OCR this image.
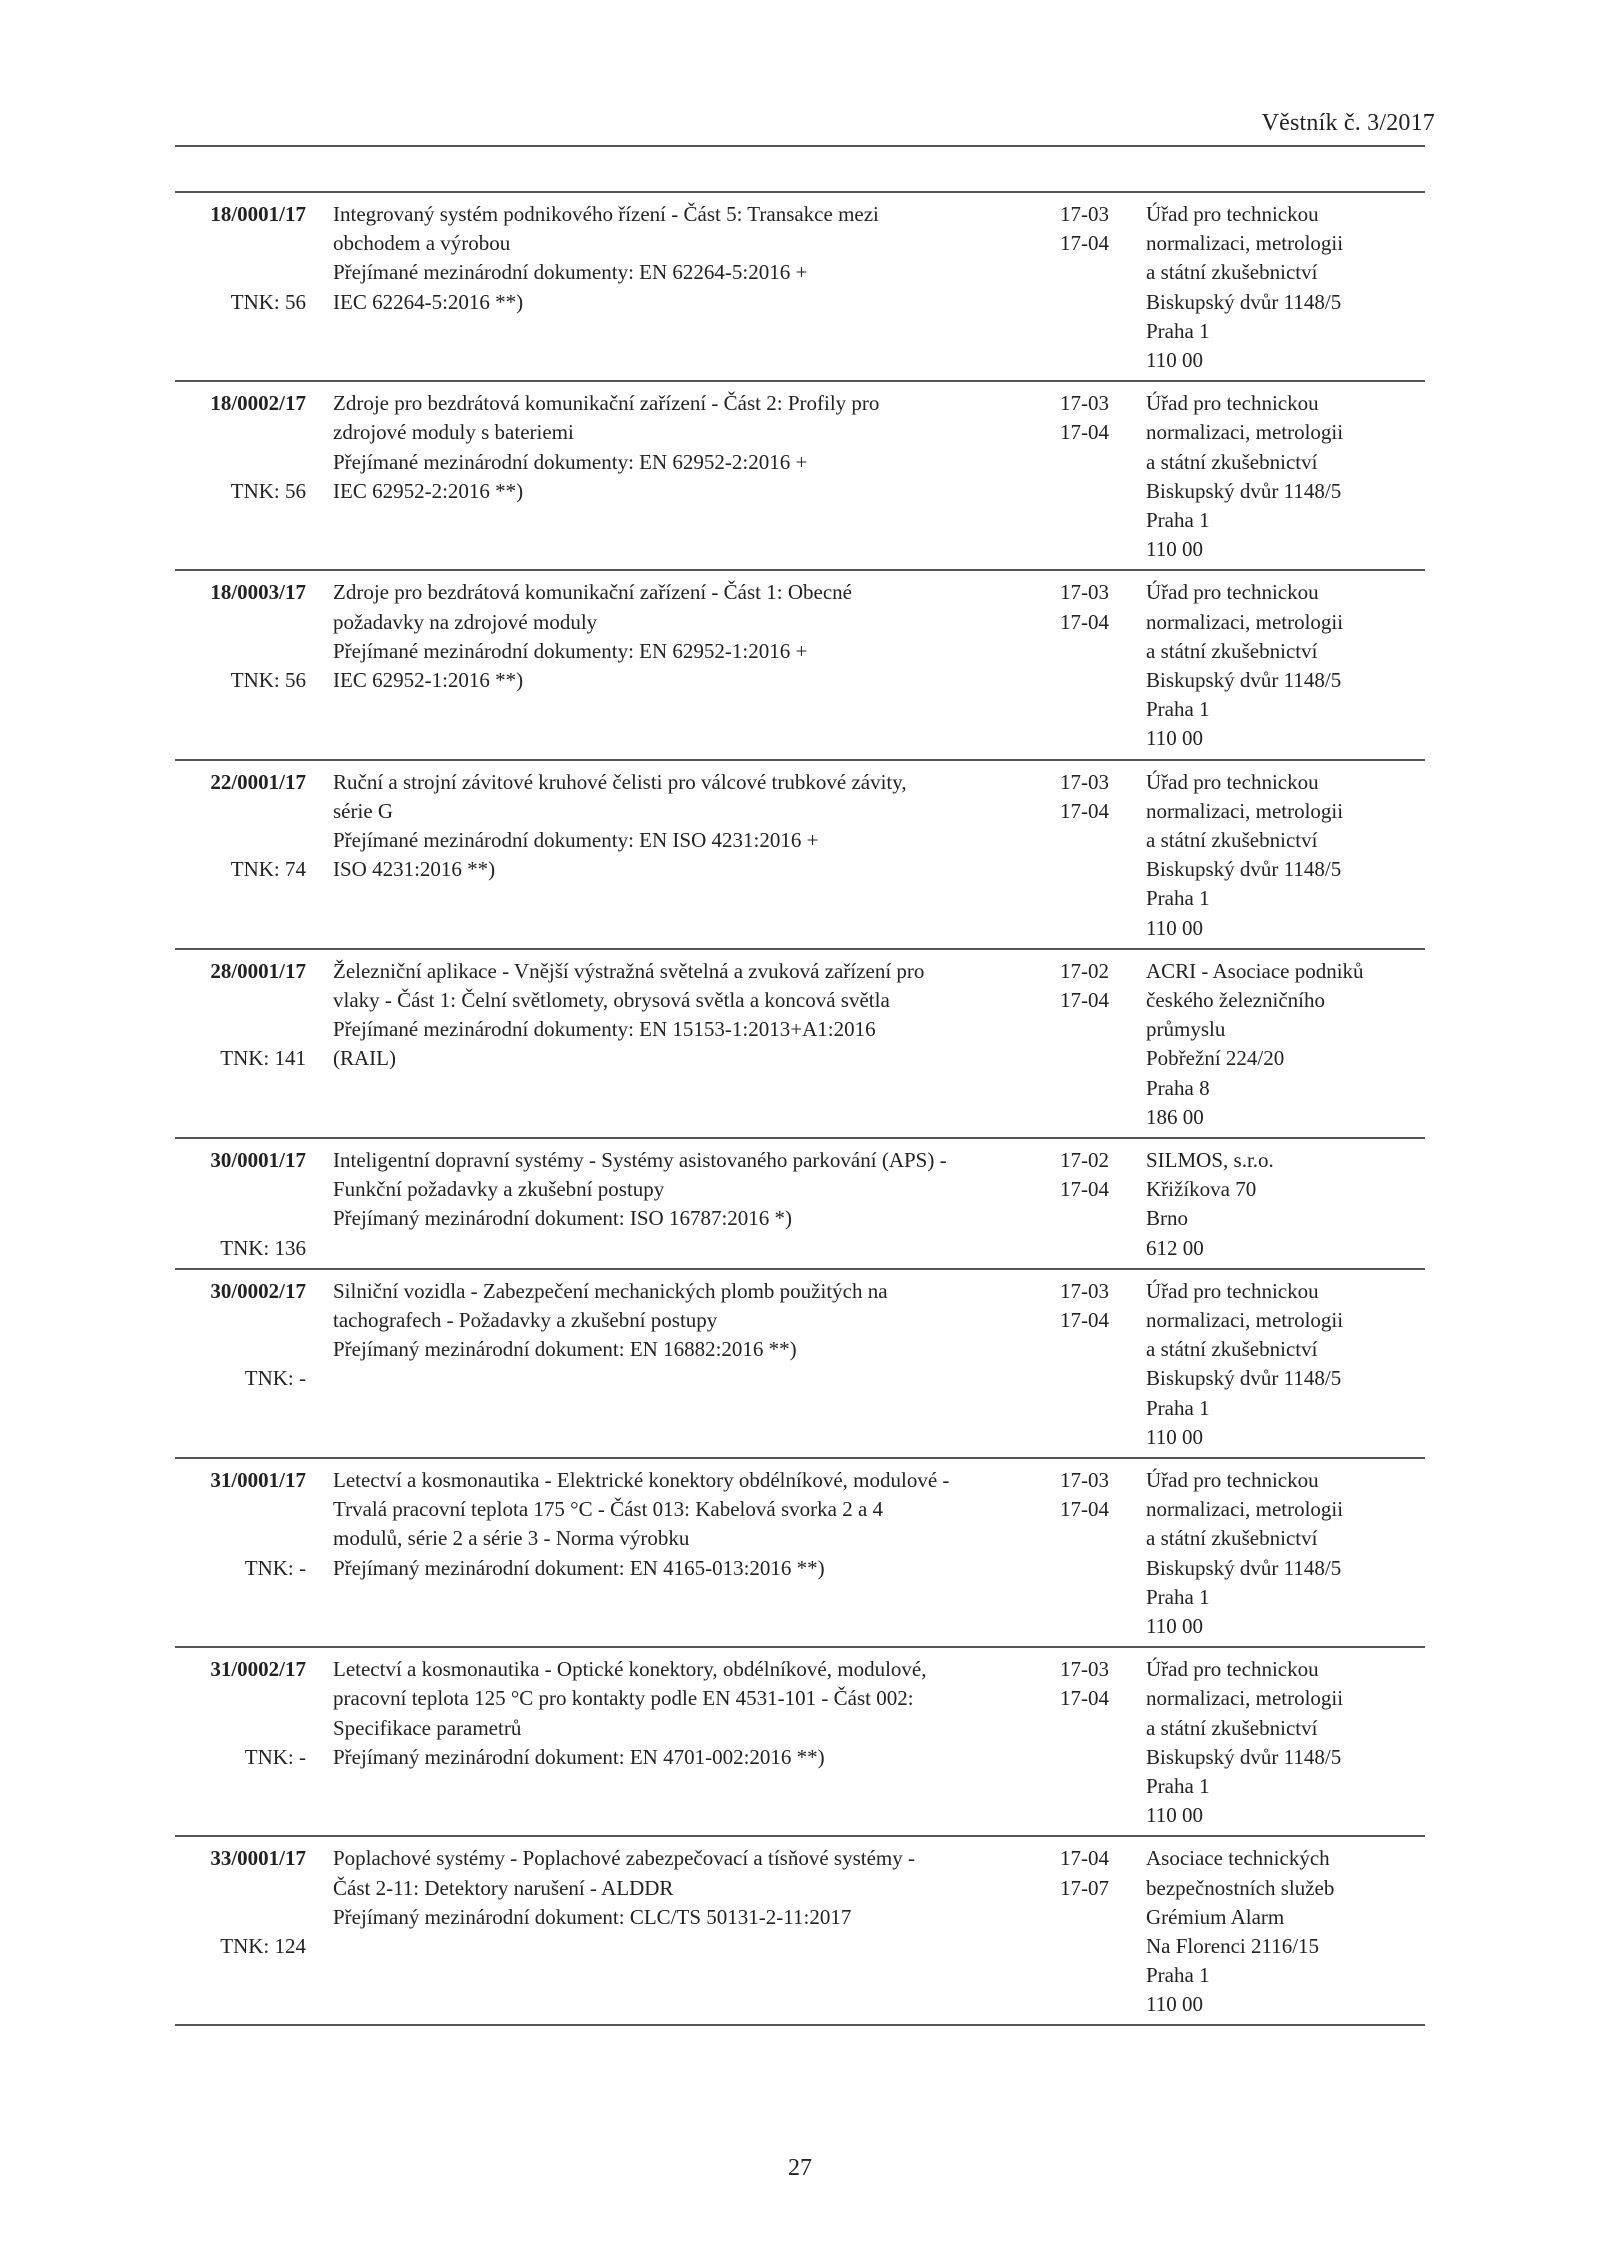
Věstník č. 3/2017
18/0001/17
TNK: 56
Integrovaný systém podnikového řízení - Část 5: Transakce mezi
obchodem a výrobou
Přejímané mezinárodní dokumenty: EN 62264-5:2016 +
IEC 62264-5:2016 **)
17-03
17-04
Úřad pro technickou
normalizaci, metrologii
a státní zkušebnictví
Biskupský dvůr 1148/5
Praha 1
110 00
18/0002/17
TNK: 56
Zdroje pro bezdrátová komunikační zařízení - Část 2: Profily pro
zdrojové moduly s bateriemi
Přejímané mezinárodní dokumenty: EN 62952-2:2016 +
IEC 62952-2:2016 **)
17-03
17-04
Úřad pro technickou
normalizaci, metrologii
a státní zkušebnictví
Biskupský dvůr 1148/5
Praha 1
110 00
18/0003/17
TNK: 56
Zdroje pro bezdrátová komunikační zařízení - Část 1: Obecné
požadavky na zdrojové moduly
Přejímané mezinárodní dokumenty: EN 62952-1:2016 +
IEC 62952-1:2016 **)
17-03
17-04
Úřad pro technickou
normalizaci, metrologii
a státní zkušebnictví
Biskupský dvůr 1148/5
Praha 1
110 00
22/0001/17
TNK: 74
Ruční a strojní závitové kruhové čelisti pro válcové trubkové závity,
série G
Přejímané mezinárodní dokumenty: EN ISO 4231:2016 +
ISO 4231:2016 **)
17-03
17-04
Úřad pro technickou
normalizaci, metrologii
a státní zkušebnictví
Biskupský dvůr 1148/5
Praha 1
110 00
28/0001/17
TNK: 141
Železniční aplikace - Vnější výstražná světelná a zvuková zařízení pro
vlaky - Část 1: Čelní světlomety, obrysová světla a koncová světla
Přejímané mezinárodní dokumenty: EN 15153-1:2013+A1:2016
(RAIL)
17-02
17-04
ACRI - Asociace podniků
českého železničního
průmyslu
Pobřežní 224/20
Praha 8
186 00
30/0001/17
TNK: 136
Inteligentní dopravní systémy - Systémy asistovaného parkování (APS) -
Funkční požadavky a zkušební postupy
Přejímaný mezinárodní dokument: ISO 16787:2016 *)
17-02
17-04
SILMOS, s.r.o.
Křižíkova 70
Brno
612 00
30/0002/17
TNK: -
Silniční vozidla - Zabezpečení mechanických plomb použitých na
tachografech - Požadavky a zkušební postupy
Přejímaný mezinárodní dokument: EN 16882:2016 **)
17-03
17-04
Úřad pro technickou
normalizaci, metrologii
a státní zkušebnictví
Biskupský dvůr 1148/5
Praha 1
110 00
31/0001/17
TNK: -
Letectví a kosmonautika - Elektrické konektory obdélníkové, modulové -
Trvalá pracovní teplota 175 °C - Část 013: Kabelová svorka 2 a 4
modulů, série 2 a série 3 - Norma výrobku
Přejímaný mezinárodní dokument: EN 4165-013:2016 **)
17-03
17-04
Úřad pro technickou
normalizaci, metrologii
a státní zkušebnictví
Biskupský dvůr 1148/5
Praha 1
110 00
31/0002/17
TNK: -
Letectví a kosmonautika - Optické konektory, obdélníkové, modulové,
pracovní teplota 125 °C pro kontakty podle EN 4531-101 - Část 002:
Specifikace parametrů
Přejímaný mezinárodní dokument: EN 4701-002:2016 **)
17-03
17-04
Úřad pro technickou
normalizaci, metrologii
a státní zkušebnictví
Biskupský dvůr 1148/5
Praha 1
110 00
33/0001/17
TNK: 124
Poplachové systémy - Poplachové zabezpečovací a tísňové systémy -
Část 2-11: Detektory narušení - ALDDR
Přejímaný mezinárodní dokument: CLC/TS 50131-2-11:2017
17-04
17-07
Asociace technických
bezpečnostních služeb
Grémium Alarm
Na Florenci 2116/15
Praha 1
110 00
27
